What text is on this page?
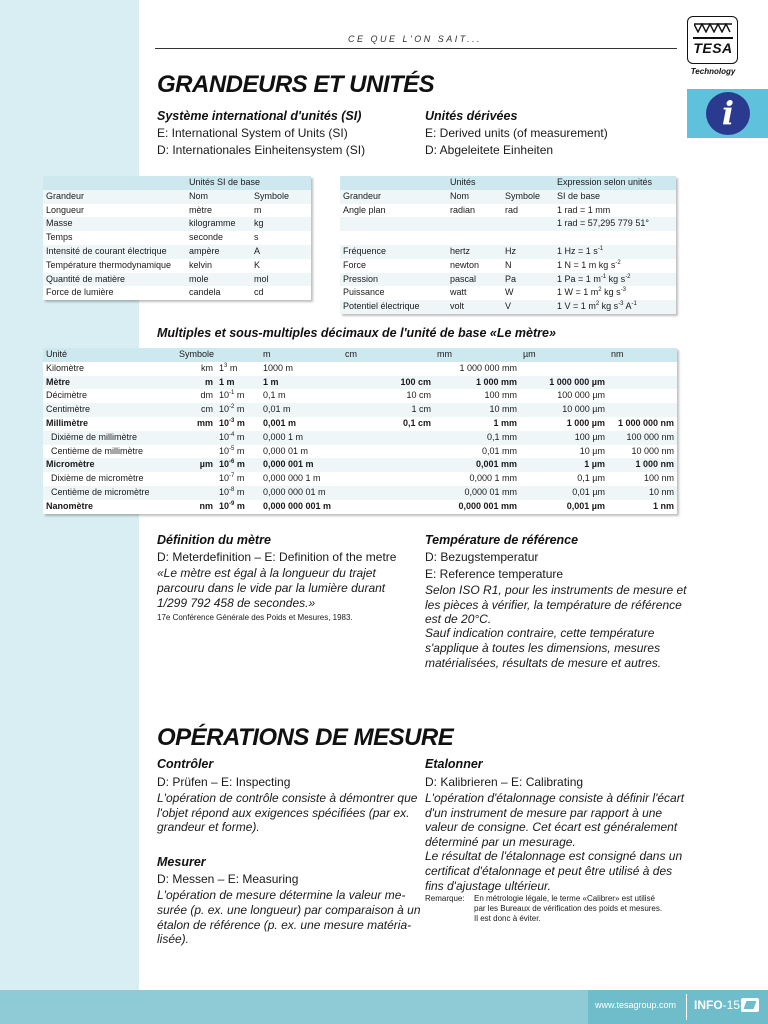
www.tesagroup.com INFO-15
CE QUE L'ON SAIT...
TESA
Technology
i
GRANDEURS ET UNITÉS
Système international d'unités (SI)
E: International System of Units (SI)
D: Internationales Einheitensystem (SI)
Unités dérivées
E: Derived units (of measurement)
D: Abgeleitete Einheiten
	Unités SI de base	
Grandeur	Nom	Symbole
Longueur	mètre	m
Masse	kilogramme	kg
Temps	seconde	s
Intensité de courant électrique	ampère	A
Température thermodynamique	kelvin	K
Quantité de matière	mole	mol
Force de lumière	candela	cd
	Unités		Expression selon unités
Grandeur	Nom	Symbole	SI de base
Angle plan	radian	rad	1 rad = 1 mm
			1 rad = 57,295 779 51°

Fréquence	hertz	Hz	1 Hz = 1 $s^{-1}$
Force	newton	N	1 N = 1 m kg $s^{-2}$
Pression	pascal	Pa	1 Pa = 1 $m^{-1}$ kg $s^{-2}$
Puissance	watt	W	1 W = 1 $m^2$ kg $s^{-3}$
Potentiel électrique	volt	V	1 V = 1 $m^2$ kg $s^{-3}$ $A^{-1}$
Multiples et sous-multiples décimaux de l'unité de base «Le mètre»
Unité	Symbole		m	cm	mm	µm	nm
Kilomètre	km	$1^3$ m	1000 m		1 000 000 mm		
Mètre	m	1 m	1 m	100 cm	1 000 mm	1 000 000 µm	
Décimètre	dm	$10^{-1}$ m	0,1 m	10 cm	100 mm	100 000 µm	
Centimètre	cm	$10^{-2}$ m	0,01 m	1 cm	10 mm	10 000 µm	
Millimètre	mm	$10^{-3}$ m	0,001 m	0,1 cm	1 mm	1 000 µm	1 000 000 nm
Dixième de millimètre		$10^{-4}$ m	0,000 1 m		0,1 mm	100 µm	100 000 nm
Centième de millimètre		$10^{-5}$ m	0,000 01 m		0,01 mm	10 µm	10 000 nm
Micromètre	µm	$10^{-6}$ m	0,000 001 m		0,001 mm	1 µm	1 000 nm
Dixième de micromètre		$10^{-7}$ m	0,000 000 1 m		0,000 1 mm	0,1 µm	100 nm
Centième de micromètre		$10^{-8}$ m	0,000 000 01 m		0,000 01 mm	0,01 µm	10 nm
Nanomètre	nm	$10^{-9}$ m	0,000 000 001 m		0,000 001 mm	0,001 µm	1 nm
Définition du mètre
D: Meterdefinition – E: Definition of the metre
«Le mètre est égal à la longueur du trajet
parcouru dans le vide par la lumière durant
1/299 792 458 de secondes.»
17e Conférence Générale des Poids et Mesures, 1983.
Température de référence
D: Bezugstemperatur
E: Reference temperature
Selon ISO R1, pour les instruments de mesure et
les pièces à vérifier, la température de référence
est de 20°C.
Sauf indication contraire, cette température
s'applique à toutes les dimensions, mesures
matérialisées, résultats de mesure et autres.
OPÉRATIONS DE MESURE
Contrôler
D: Prüfen – E: Inspecting
L'opération de contrôle consiste à démontrer que
l'objet répond aux exigences spécifiées (par ex.
grandeur et forme).
Mesurer
D: Messen – E: Measuring
L'opération de mesure détermine la valeur me-
surée (p. ex. une longueur) par comparaison à un
étalon de référence (p. ex. une mesure matéria-
lisée).
Etalonner
D: Kalibrieren – E: Calibrating
L'opération d'étalonnage consiste à définir l'écart
d'un instrument de mesure par rapport à une
valeur de consigne. Cet écart est généralement
déterminé par un mesurage.
Le résultat de l'étalonnage est consigné dans un
certificat d'étalonnage et peut être utilisé à des
fins d'ajustage ultérieur.
Remarque: En métrologie légale, le terme «Calibrer» est utilisé
par les Bureaux de vérification des poids et mesures.
Il est donc à éviter.
